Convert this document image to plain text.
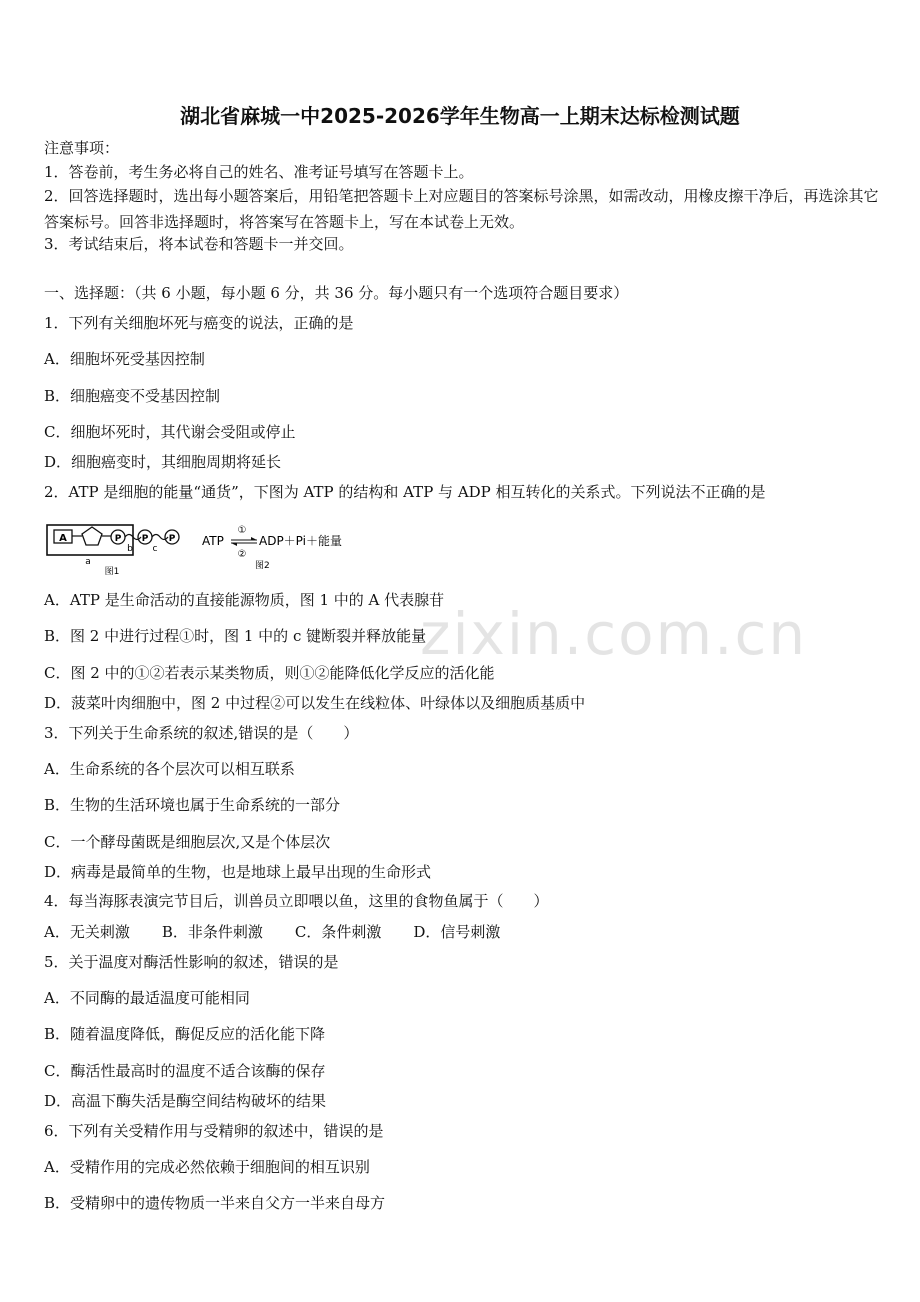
湖北省麻城一中2025-2026学年生物高一上期末达标检测试题
注意事项：
1．答卷前，考生务必将自己的姓名、准考证号填写在答题卡上。
2．回答选择题时，选出每小题答案后，用铅笔把答题卡上对应题目的答案标号涂黑，如需改动，用橡皮擦干净后，再选涂其它答案标号。回答非选择题时，将答案写在答题卡上，写在本试卷上无效。
3．考试结束后，将本试卷和答题卡一并交回。
一、选择题：（共 6 小题，每小题 6 分，共 36 分。每小题只有一个选项符合题目要求）
1．下列有关细胞坏死与癌变的说法，正确的是
A．细胞坏死受基因控制
B．细胞癌变不受基因控制
C．细胞坏死时，其代谢会受阻或停止
D．细胞癌变时，其细胞周期将延长
2．ATP 是细胞的能量“通货”，下图为 ATP 的结构和 ATP 与 ADP 相互转化的关系式。下列说法不正确的是
A	P P P
a
b c
图1
ATP
①
②
ADP＋Pi＋能量
图2
A．ATP 是生命活动的直接能源物质，图 1 中的 A 代表腺苷
B．图 2 中进行过程①时，图 1 中的 c 键断裂并释放能量
C．图 2 中的①②若表示某类物质，则①②能降低化学反应的活化能
D．菠菜叶肉细胞中，图 2 中过程②可以发生在线粒体、叶绿体以及细胞质基质中
3．下列关于生命系统的叙述,错误的是（　　）
A．生命系统的各个层次可以相互联系
B．生物的生活环境也属于生命系统的一部分
C．一个酵母菌既是细胞层次,又是个体层次
D．病毒是最简单的生物，也是地球上最早出现的生命形式
4．每当海豚表演完节目后，训兽员立即喂以鱼，这里的食物鱼属于（　　）
A．无关刺激 B．非条件刺激 C．条件刺激 D．信号刺激
5．关于温度对酶活性影响的叙述，错误的是
A．不同酶的最适温度可能相同
B．随着温度降低，酶促反应的活化能下降
C．酶活性最高时的温度不适合该酶的保存
D．高温下酶失活是酶空间结构破坏的结果
6．下列有关受精作用与受精卵的叙述中，错误的是
A．受精作用的完成必然依赖于细胞间的相互识别
B．受精卵中的遗传物质一半来自父方一半来自母方
zixin.com.cn
